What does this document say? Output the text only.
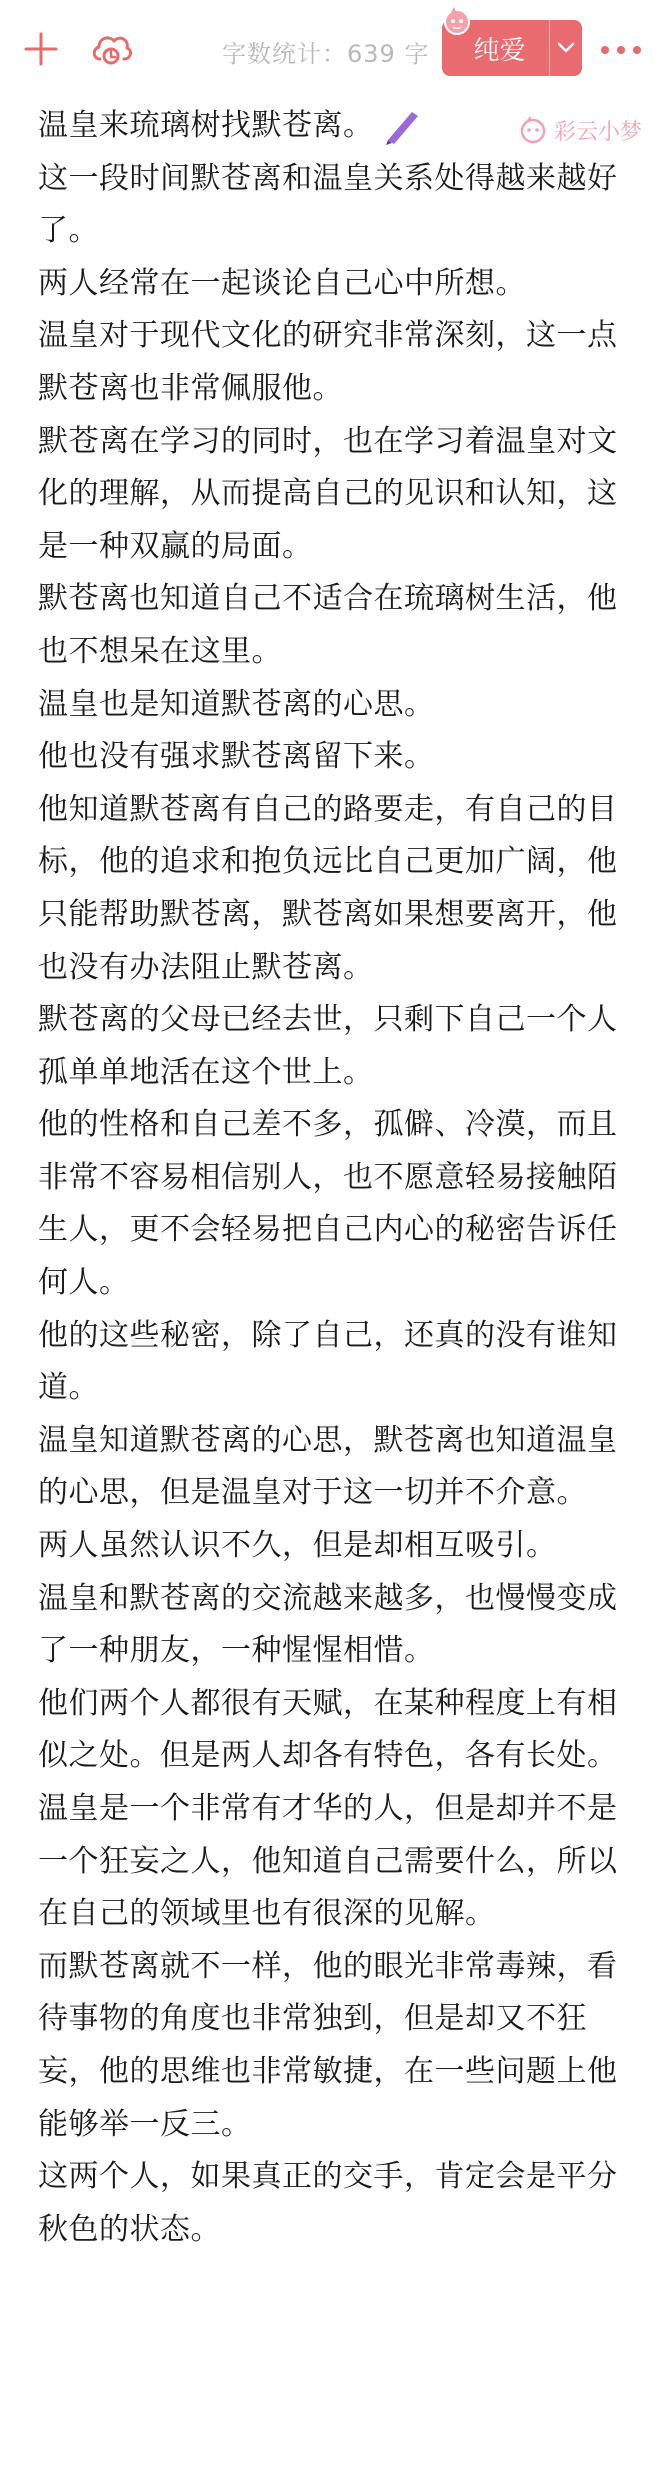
字数统计：639 字	纯爱
彩云小梦

温皇来琉璃树找默苍离。

这一段时间默苍离和温皇关系处得越来越好了。

两人经常在一起谈论自己心中所想。

温皇对于现代文化的研究非常深刻，这一点默苍离也非常佩服他。

默苍离在学习的同时，也在学习着温皇对文化的理解，从而提高自己的见识和认知，这是一种双赢的局面。

默苍离也知道自己不适合在琉璃树生活，他也不想呆在这里。

温皇也是知道默苍离的心思。

他也没有强求默苍离留下来。

他知道默苍离有自己的路要走，有自己的目标，他的追求和抱负远比自己更加广阔，他只能帮助默苍离，默苍离如果想要离开，他也没有办法阻止默苍离。

默苍离的父母已经去世，只剩下自己一个人孤单单地活在这个世上。

他的性格和自己差不多，孤僻、冷漠，而且非常不容易相信别人，也不愿意轻易接触陌生人，更不会轻易把自己内心的秘密告诉任何人。

他的这些秘密，除了自己，还真的没有谁知道。

温皇知道默苍离的心思，默苍离也知道温皇的心思，但是温皇对于这一切并不介意。

两人虽然认识不久，但是却相互吸引。

温皇和默苍离的交流越来越多，也慢慢变成了一种朋友，一种惺惺相惜。

他们两个人都很有天赋，在某种程度上有相似之处。但是两人却各有特色，各有长处。

温皇是一个非常有才华的人，但是却并不是一个狂妄之人，他知道自己需要什么，所以在自己的领域里也有很深的见解。

而默苍离就不一样，他的眼光非常毒辣，看待事物的角度也非常独到，但是却又不狂妄，他的思维也非常敏捷，在一些问题上他能够举一反三。

这两个人，如果真正的交手，肯定会是平分秋色的状态。
